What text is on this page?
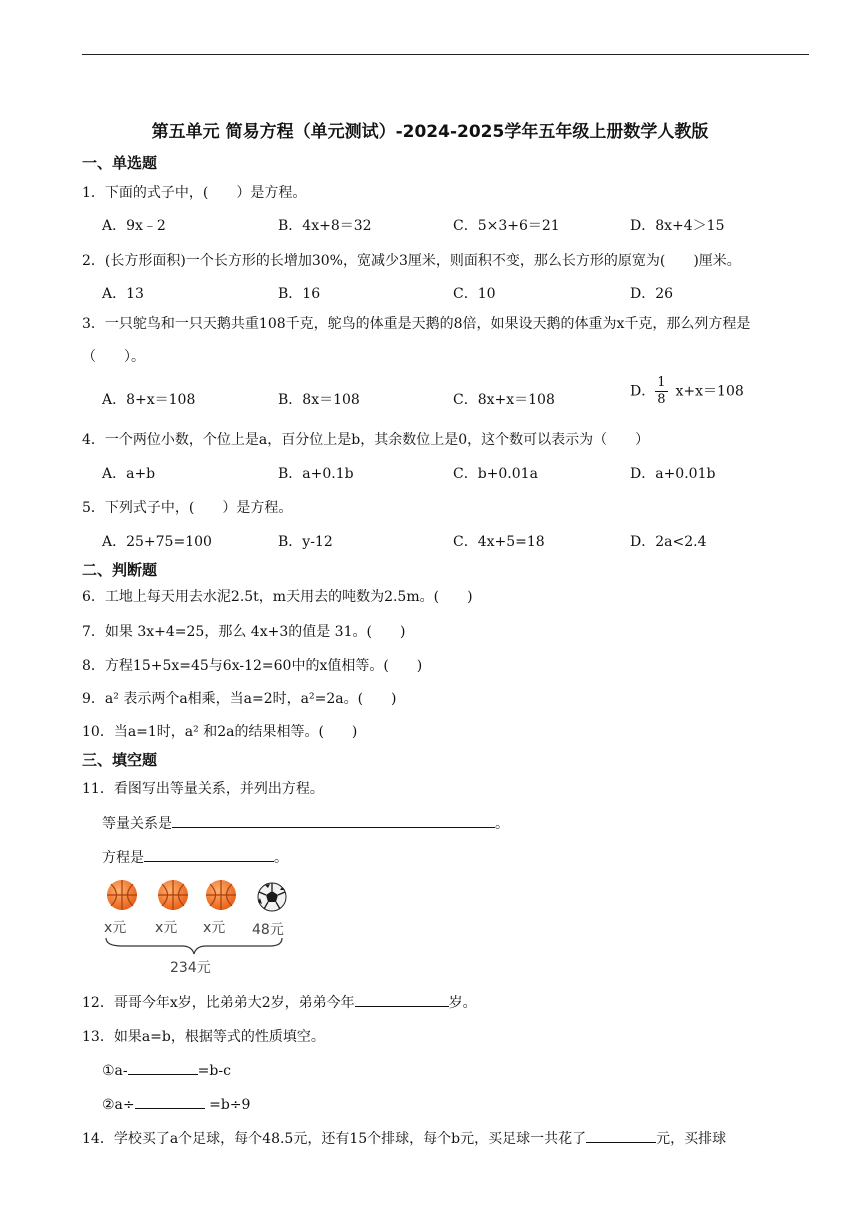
第五单元 简易方程（单元测试）-2024-2025学年五年级上册数学人教版
一、单选题
1．下面的式子中，(　　）是方程。
A．9x﹣2	B．4x+8＝32	C．5×3+6＝21	D．8x+4＞15
2．(长方形面积)一个长方形的长增加30%，宽减少3厘米，则面积不变，那么长方形的原宽为(　　)厘米。
A．13	B．16	C．10	D．26
3．一只鸵鸟和一只天鹅共重108千克，鸵鸟的体重是天鹅的8倍，如果设天鹅的体重为x千克，那么列方程是（　　）。
A．8+x＝108	B．8x＝108	C．8x+x＝108
D． $\frac{1}{8} x+x=108$
4．一个两位小数，个位上是a，百分位上是b，其余数位上是0，这个数可以表示为（　　）
A．a+b	B．a+0.1b	C．b+0.01a	D．a+0.01b
5．下列式子中，(　　）是方程。
A．25+75=100	B．y-12	C．4x+5=18	D．2a<2.4
二、判断题
6．工地上每天用去水泥2.5t，m天用去的吨数为2.5m。(　　)
7．如果 3x+4=25，那么 4x+3的值是 31。(　　)
8．方程15+5x=45与6x-12=60中的x值相等。(　　)
9．a² 表示两个a相乘，当a=2时，a²=2a。(　　)
10．当a=1时，a² 和2a的结果相等。(　　)
三、填空题
11．看图写出等量关系，并列出方程。
等量关系是	。
方程是	。
x元 x元 x元 48元
234元
12．哥哥今年x岁，比弟弟大2岁，弟弟今年	岁。
13．如果a=b，根据等式的性质填空。
①a-	=b-c
②a÷	=b÷9
14．学校买了a个足球，每个48.5元，还有15个排球，每个b元，买足球一共花了	元，买排球
